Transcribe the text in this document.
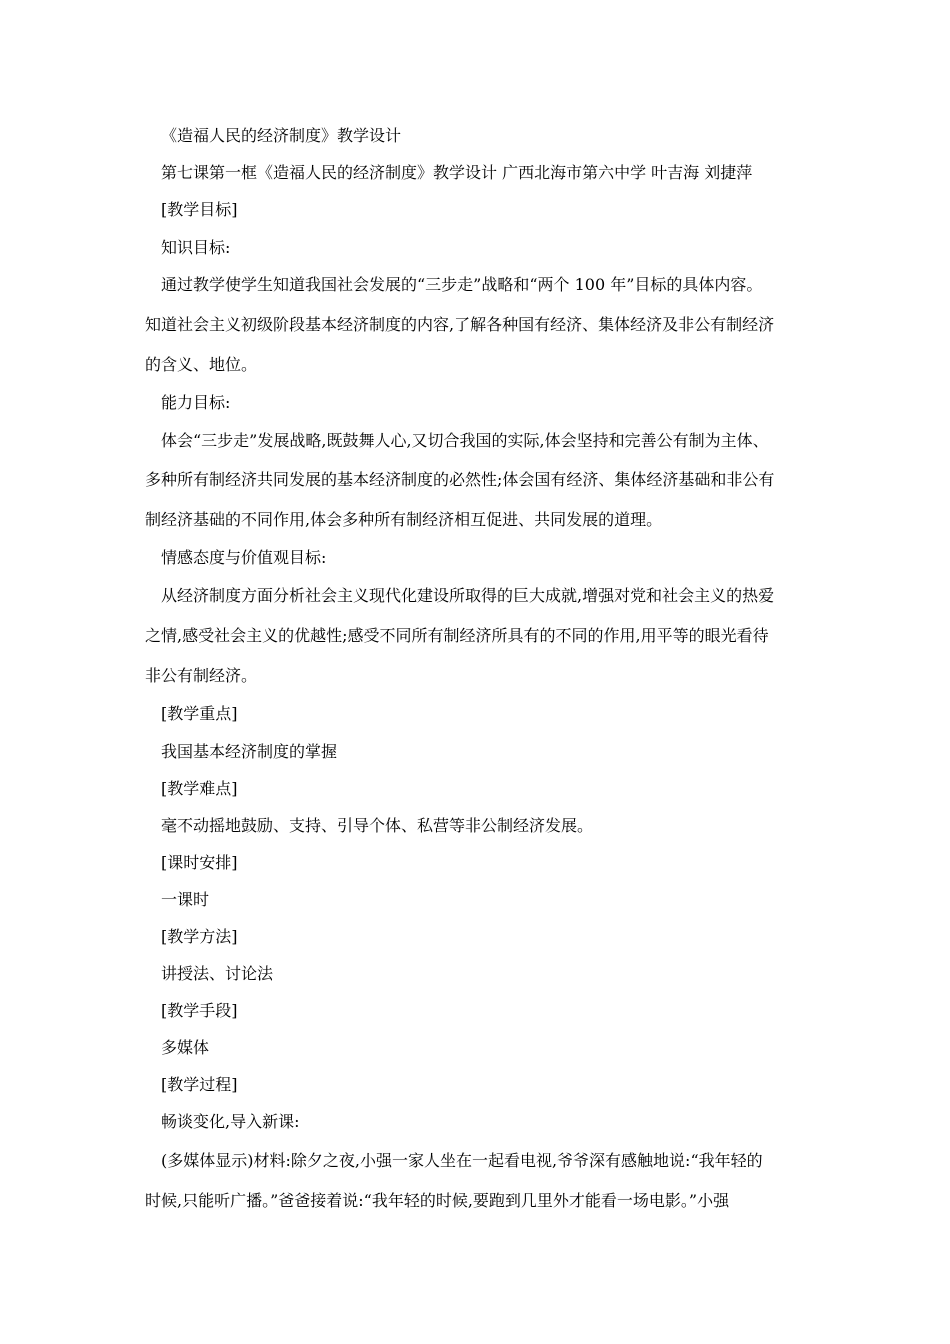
《造福人民的经济制度》教学设计
第七课第一框《造福人民的经济制度》教学设计 广西北海市第六中学 叶吉海 刘捷萍
[教学目标]
知识目标:
通过教学使学生知道我国社会发展的“三步走”战略和“两个 100 年”目标的具体内容。
知道社会主义初级阶段基本经济制度的内容,了解各种国有经济、集体经济及非公有制经济
的含义、地位。
能力目标:
体会“三步走”发展战略,既鼓舞人心,又切合我国的实际,体会坚持和完善公有制为主体、
多种所有制经济共同发展的基本经济制度的必然性;体会国有经济、集体经济基础和非公有
制经济基础的不同作用,体会多种所有制经济相互促进、共同发展的道理。
情感态度与价值观目标:
从经济制度方面分析社会主义现代化建设所取得的巨大成就,增强对党和社会主义的热爱
之情,感受社会主义的优越性;感受不同所有制经济所具有的不同的作用,用平等的眼光看待
非公有制经济。
[教学重点]
我国基本经济制度的掌握
[教学难点]
毫不动摇地鼓励、支持、引导个体、私营等非公制经济发展。
[课时安排]
一课时
[教学方法]
讲授法、讨论法
[教学手段]
多媒体
[教学过程]
畅谈变化,导入新课:
(多媒体显示)材料:除夕之夜,小强一家人坐在一起看电视,爷爷深有感触地说:“我年轻的
时候,只能听广播。”爸爸接着说:“我年轻的时候,要跑到几里外才能看一场电影。”小强
